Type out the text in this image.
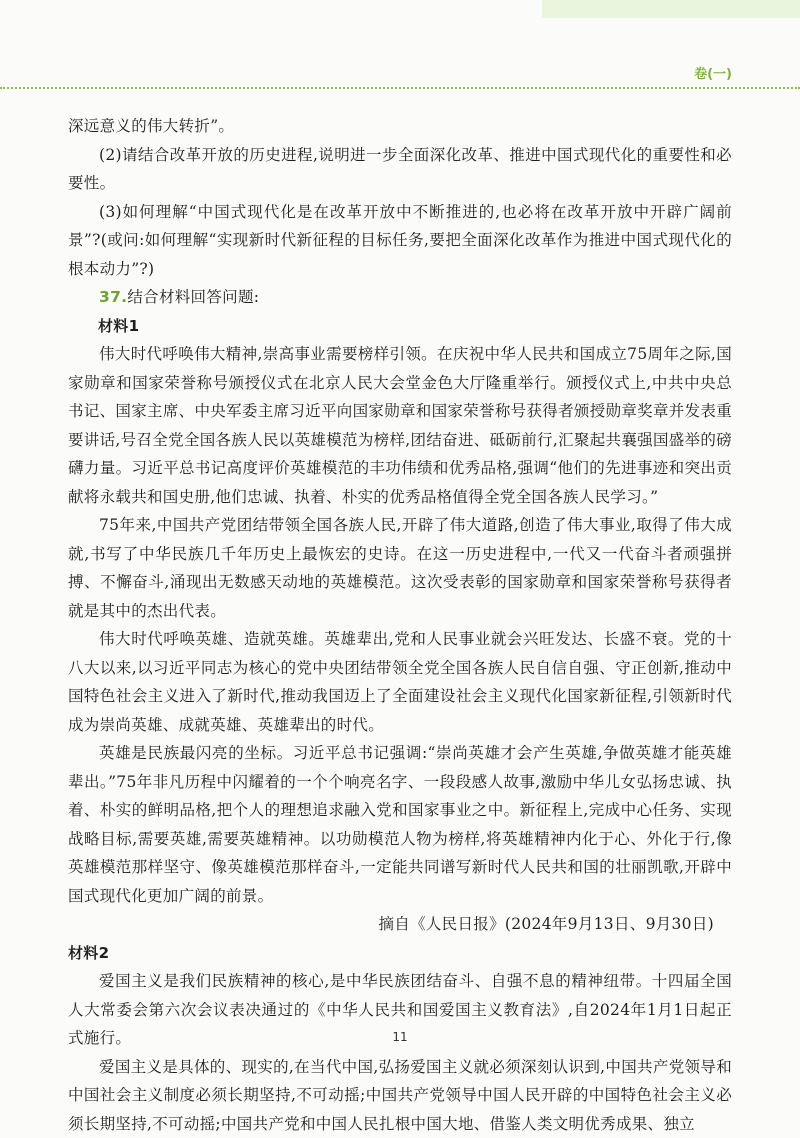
卷(一)

深远意义的伟大转折”。

(2)请结合改革开放的历史进程,说明进一步全面深化改革、推进中国式现代化的重要性和必要性。

(3)如何理解“中国式现代化是在改革开放中不断推进的,也必将在改革开放中开辟广阔前景”?(或问:如何理解“实现新时代新征程的目标任务,要把全面深化改革作为推进中国式现代化的根本动力”?)

37.结合材料回答问题:

材料1

伟大时代呼唤伟大精神,崇高事业需要榜样引领。在庆祝中华人民共和国成立75周年之际,国家勋章和国家荣誉称号颁授仪式在北京人民大会堂金色大厅隆重举行。颁授仪式上,中共中央总书记、国家主席、中央军委主席习近平向国家勋章和国家荣誉称号获得者颁授勋章奖章并发表重要讲话,号召全党全国各族人民以英雄模范为榜样,团结奋进、砥砺前行,汇聚起共襄强国盛举的磅礴力量。习近平总书记高度评价英雄模范的丰功伟绩和优秀品格,强调“他们的先进事迹和突出贡献将永载共和国史册,他们忠诚、执着、朴实的优秀品格值得全党全国各族人民学习。”

75年来,中国共产党团结带领全国各族人民,开辟了伟大道路,创造了伟大事业,取得了伟大成就,书写了中华民族几千年历史上最恢宏的史诗。在这一历史进程中,一代又一代奋斗者顽强拼搏、不懈奋斗,涌现出无数感天动地的英雄模范。这次受表彰的国家勋章和国家荣誉称号获得者就是其中的杰出代表。

伟大时代呼唤英雄、造就英雄。英雄辈出,党和人民事业就会兴旺发达、长盛不衰。党的十八大以来,以习近平同志为核心的党中央团结带领全党全国各族人民自信自强、守正创新,推动中国特色社会主义进入了新时代,推动我国迈上了全面建设社会主义现代化国家新征程,引领新时代成为崇尚英雄、成就英雄、英雄辈出的时代。

英雄是民族最闪亮的坐标。习近平总书记强调:“崇尚英雄才会产生英雄,争做英雄才能英雄辈出。”75年非凡历程中闪耀着的一个个响亮名字、一段段感人故事,激励中华儿女弘扬忠诚、执着、朴实的鲜明品格,把个人的理想追求融入党和国家事业之中。新征程上,完成中心任务、实现战略目标,需要英雄,需要英雄精神。以功勋模范人物为榜样,将英雄精神内化于心、外化于行,像英雄模范那样坚守、像英雄模范那样奋斗,一定能共同谱写新时代人民共和国的壮丽凯歌,开辟中国式现代化更加广阔的前景。

摘自《人民日报》(2024年9月13日、9月30日)

材料2

爱国主义是我们民族精神的核心,是中华民族团结奋斗、自强不息的精神纽带。十四届全国人大常委会第六次会议表决通过的《中华人民共和国爱国主义教育法》,自2024年1月1日起正式施行。

爱国主义是具体的、现实的,在当代中国,弘扬爱国主义就必须深刻认识到,中国共产党领导和中国社会主义制度必须长期坚持,不可动摇;中国共产党领导中国人民开辟的中国特色社会主义必须长期坚持,不可动摇;中国共产党和中国人民扎根中国大地、借鉴人类文明优秀成果、独立

11
